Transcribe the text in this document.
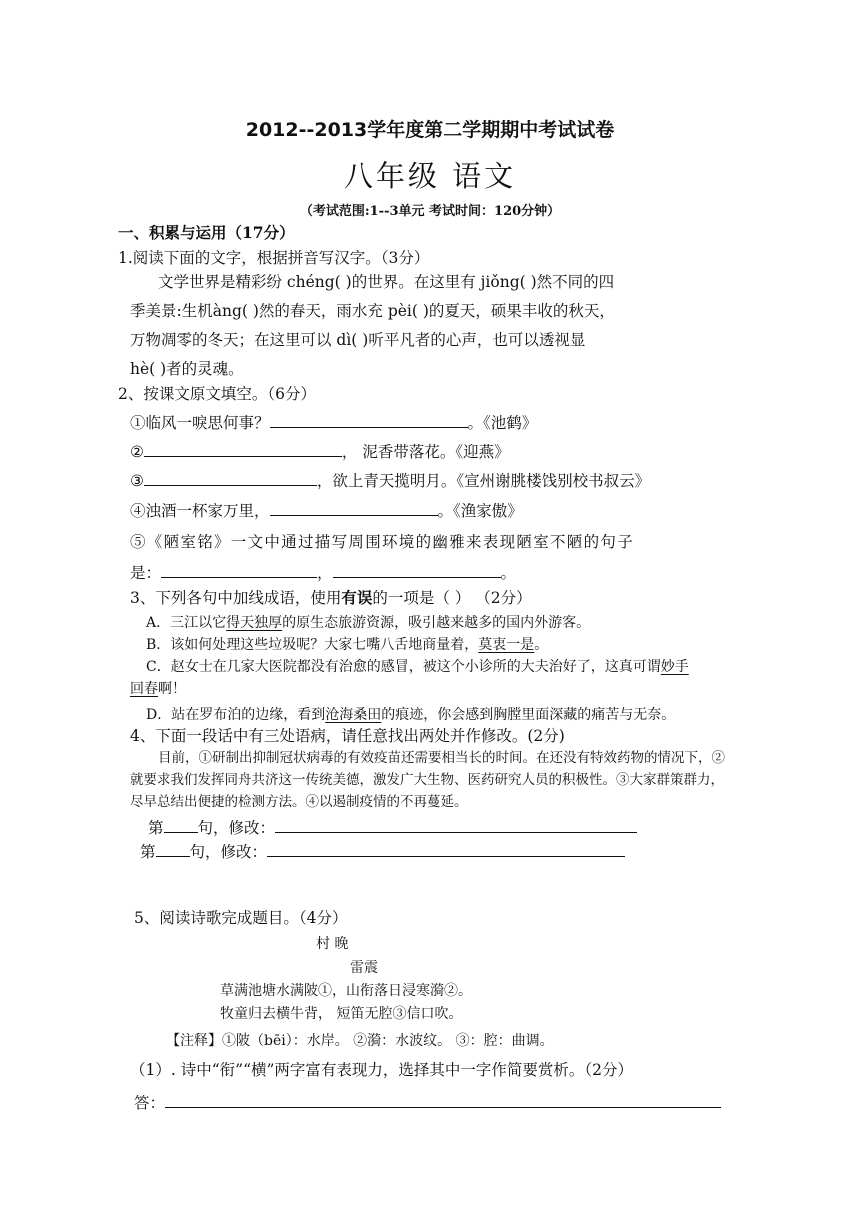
2012--2013学年度第二学期期中考试试卷
八年级 语文
（考试范围:1--3单元 考试时间：120分钟）
一、积累与运用（17分）
1.阅读下面的文字，根据拼音写汉字。（3分）
文学世界是精彩纷 chéng( )的世界。在这里有 jiǒng( )然不同的四
季美景:生机àng( )然的春天，雨水充 pèi( )的夏天，硕果丰收的秋天，
万物凋零的冬天；在这里可以 dì( )听平凡者的心声，也可以透视显
hè( )者的灵魂。
2、按课文原文填空。（6分）
①临风一唳思何事？	。《池鹤》
②	， 泥香带落花。《迎燕》
③	，欲上青天揽明月。《宣州谢朓楼饯别校书叔云》
④浊酒一杯家万里，	。《渔家傲》
⑤《陋室铭》一文中通过描写周围环境的幽雅来表现陋室不陋的句子
是：	，	。
3、下列各句中加线成语，使用有误的一项是（ ） （2分）
A．三江以它得天独厚的原生态旅游资源，吸引越来越多的国内外游客。
B．该如何处理这些垃圾呢？大家七嘴八舌地商量着，莫衷一是。
C．赵女士在几家大医院都没有治愈的感冒，被这个小诊所的大夫治好了，这真可谓妙手
回春啊！
D．站在罗布泊的边缘，看到沧海桑田的痕迹，你会感到胸膛里面深藏的痛苦与无奈。
4、下面一段话中有三处语病，请任意找出两处并作修改。(2分)
目前，①研制出抑制冠状病毒的有效疫苗还需要相当长的时间。在还没有特效药物的情况下，②就要求我们发挥同舟共济这一传统美德，激发广大生物、医药研究人员的积极性。③大家群策群力，尽早总结出便捷的检测方法。④以遏制疫情的不再蔓延。
第 句，修改：
第 句，修改：
5、阅读诗歌完成题目。（4分）
村 晚
雷震
草满池塘水满陂①，山衔落日浸寒漪②。
牧童归去横牛背， 短笛无腔③信口吹。
【注释】①陂（bēi）：水岸。 ②漪：水波纹。 ③：腔：曲调。
（1）. 诗中“衔”“横”两字富有表现力，选择其中一字作简要赏析。（2分）
答：
